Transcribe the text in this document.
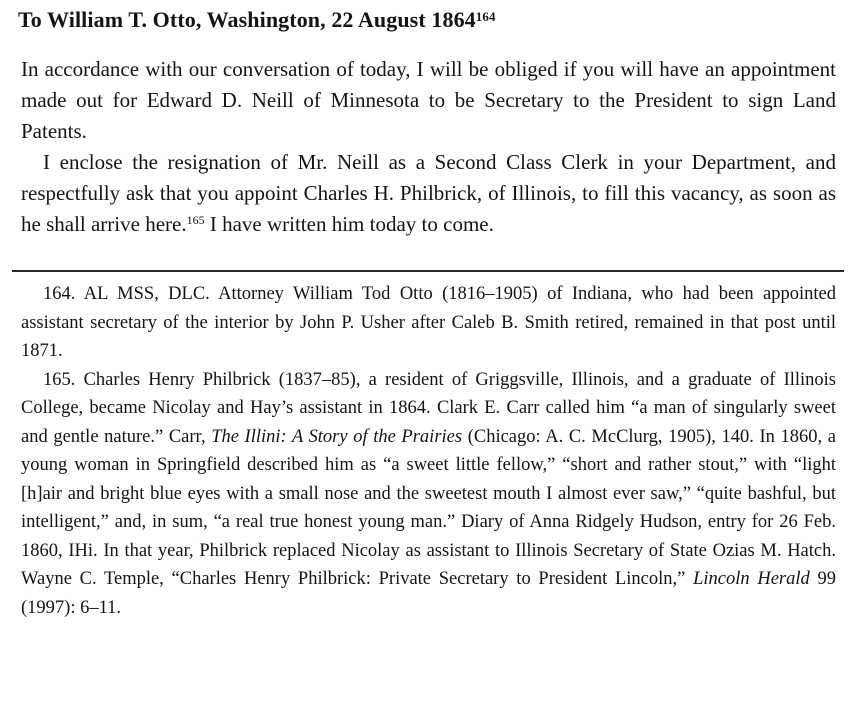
To William T. Otto, Washington, 22 August 1864$^{164}$

In accordance with our conversation of today, I will be obliged if you will have an appointment made out for Edward D. Neill of Minnesota to be Secretary to the President to sign Land Patents.

I enclose the resignation of Mr. Neill as a Second Class Clerk in your Department, and respectfully ask that you appoint Charles H. Philbrick, of Illinois, to fill this vacancy, as soon as he shall arrive here.$^{165}$ I have written him today to come.

164. AL MSS, DLC. Attorney William Tod Otto (1816–1905) of Indiana, who had been appointed assistant secretary of the interior by John P. Usher after Caleb B. Smith retired, remained in that post until 1871.

165. Charles Henry Philbrick (1837–85), a resident of Griggsville, Illinois, and a graduate of Illinois College, became Nicolay and Hay’s assistant in 1864. Clark E. Carr called him “a man of singularly sweet and gentle nature.” Carr, The Illini: A Story of the Prairies (Chicago: A. C. McClurg, 1905), 140. In 1860, a young woman in Springfield described him as “a sweet little fellow,” “short and rather stout,” with “light [h]air and bright blue eyes with a small nose and the sweetest mouth I almost ever saw,” “quite bashful, but intelligent,” and, in sum, “a real true honest young man.” Diary of Anna Ridgely Hudson, entry for 26 Feb. 1860, IHi. In that year, Philbrick replaced Nicolay as assistant to Illinois Secretary of State Ozias M. Hatch. Wayne C. Temple, “Charles Henry Philbrick: Private Secretary to President Lincoln,” Lincoln Herald 99 (1997): 6–11.
